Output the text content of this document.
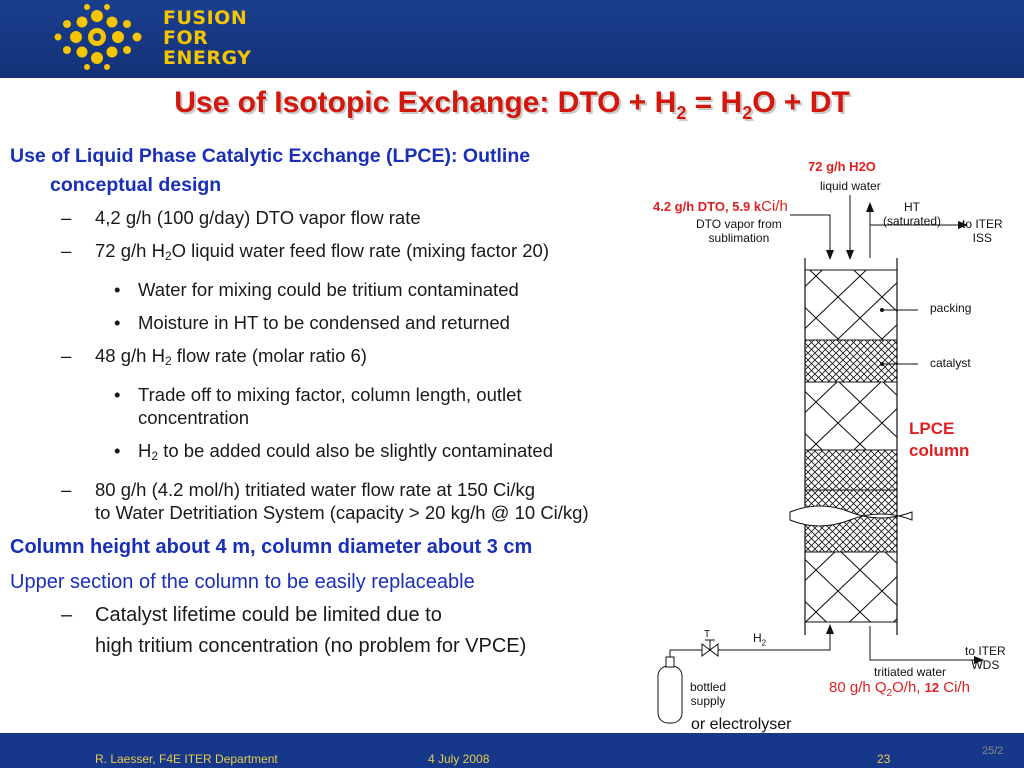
FUSION
FOR
ENERGY
Use of Isotopic Exchange: DTO + $H_2 = H_2O$ + DT
Use of Liquid Phase Catalytic Exchange (LPCE): Outline
conceptual design
– 4,2 g/h (100 g/day) DTO vapor flow rate
– 72 g/h $H_2O$ liquid water feed flow rate (mixing factor 20)
• Water for mixing could be tritium contaminated
• Moisture in HT to be condensed and returned
– 48 g/h $H_2$ flow rate (molar ratio 6)
• Trade off to mixing factor, column length, outlet
concentration
• $H_2$ to be added could also be slightly contaminated
– 80 g/h (4.2 mol/h) tritiated water flow rate at 150 Ci/kg
to Water Detritiation System (capacity > 20 kg/h @ 10 Ci/kg)
Column height about 4 m, column diameter about 3 cm
Upper section of the column to be easily replaceable
– Catalyst lifetime could be limited due to
high tritium concentration (no problem for VPCE)
72 g/h H2O
liquid water
4.2 g/h DTO, 5.9 kCi/h
DTO vapor from
sublimation
HT
(saturated) to ITER
ISS
packing
catalyst
LPCE
column
$H_2$
T
to ITER
WDS
tritiated water
80 g/h $Q_2O/h$, 12 Ci/h
bottled
supply
or electrolyser
R. Laesser, F4E ITER Department	4 July 2008	23
25/2
